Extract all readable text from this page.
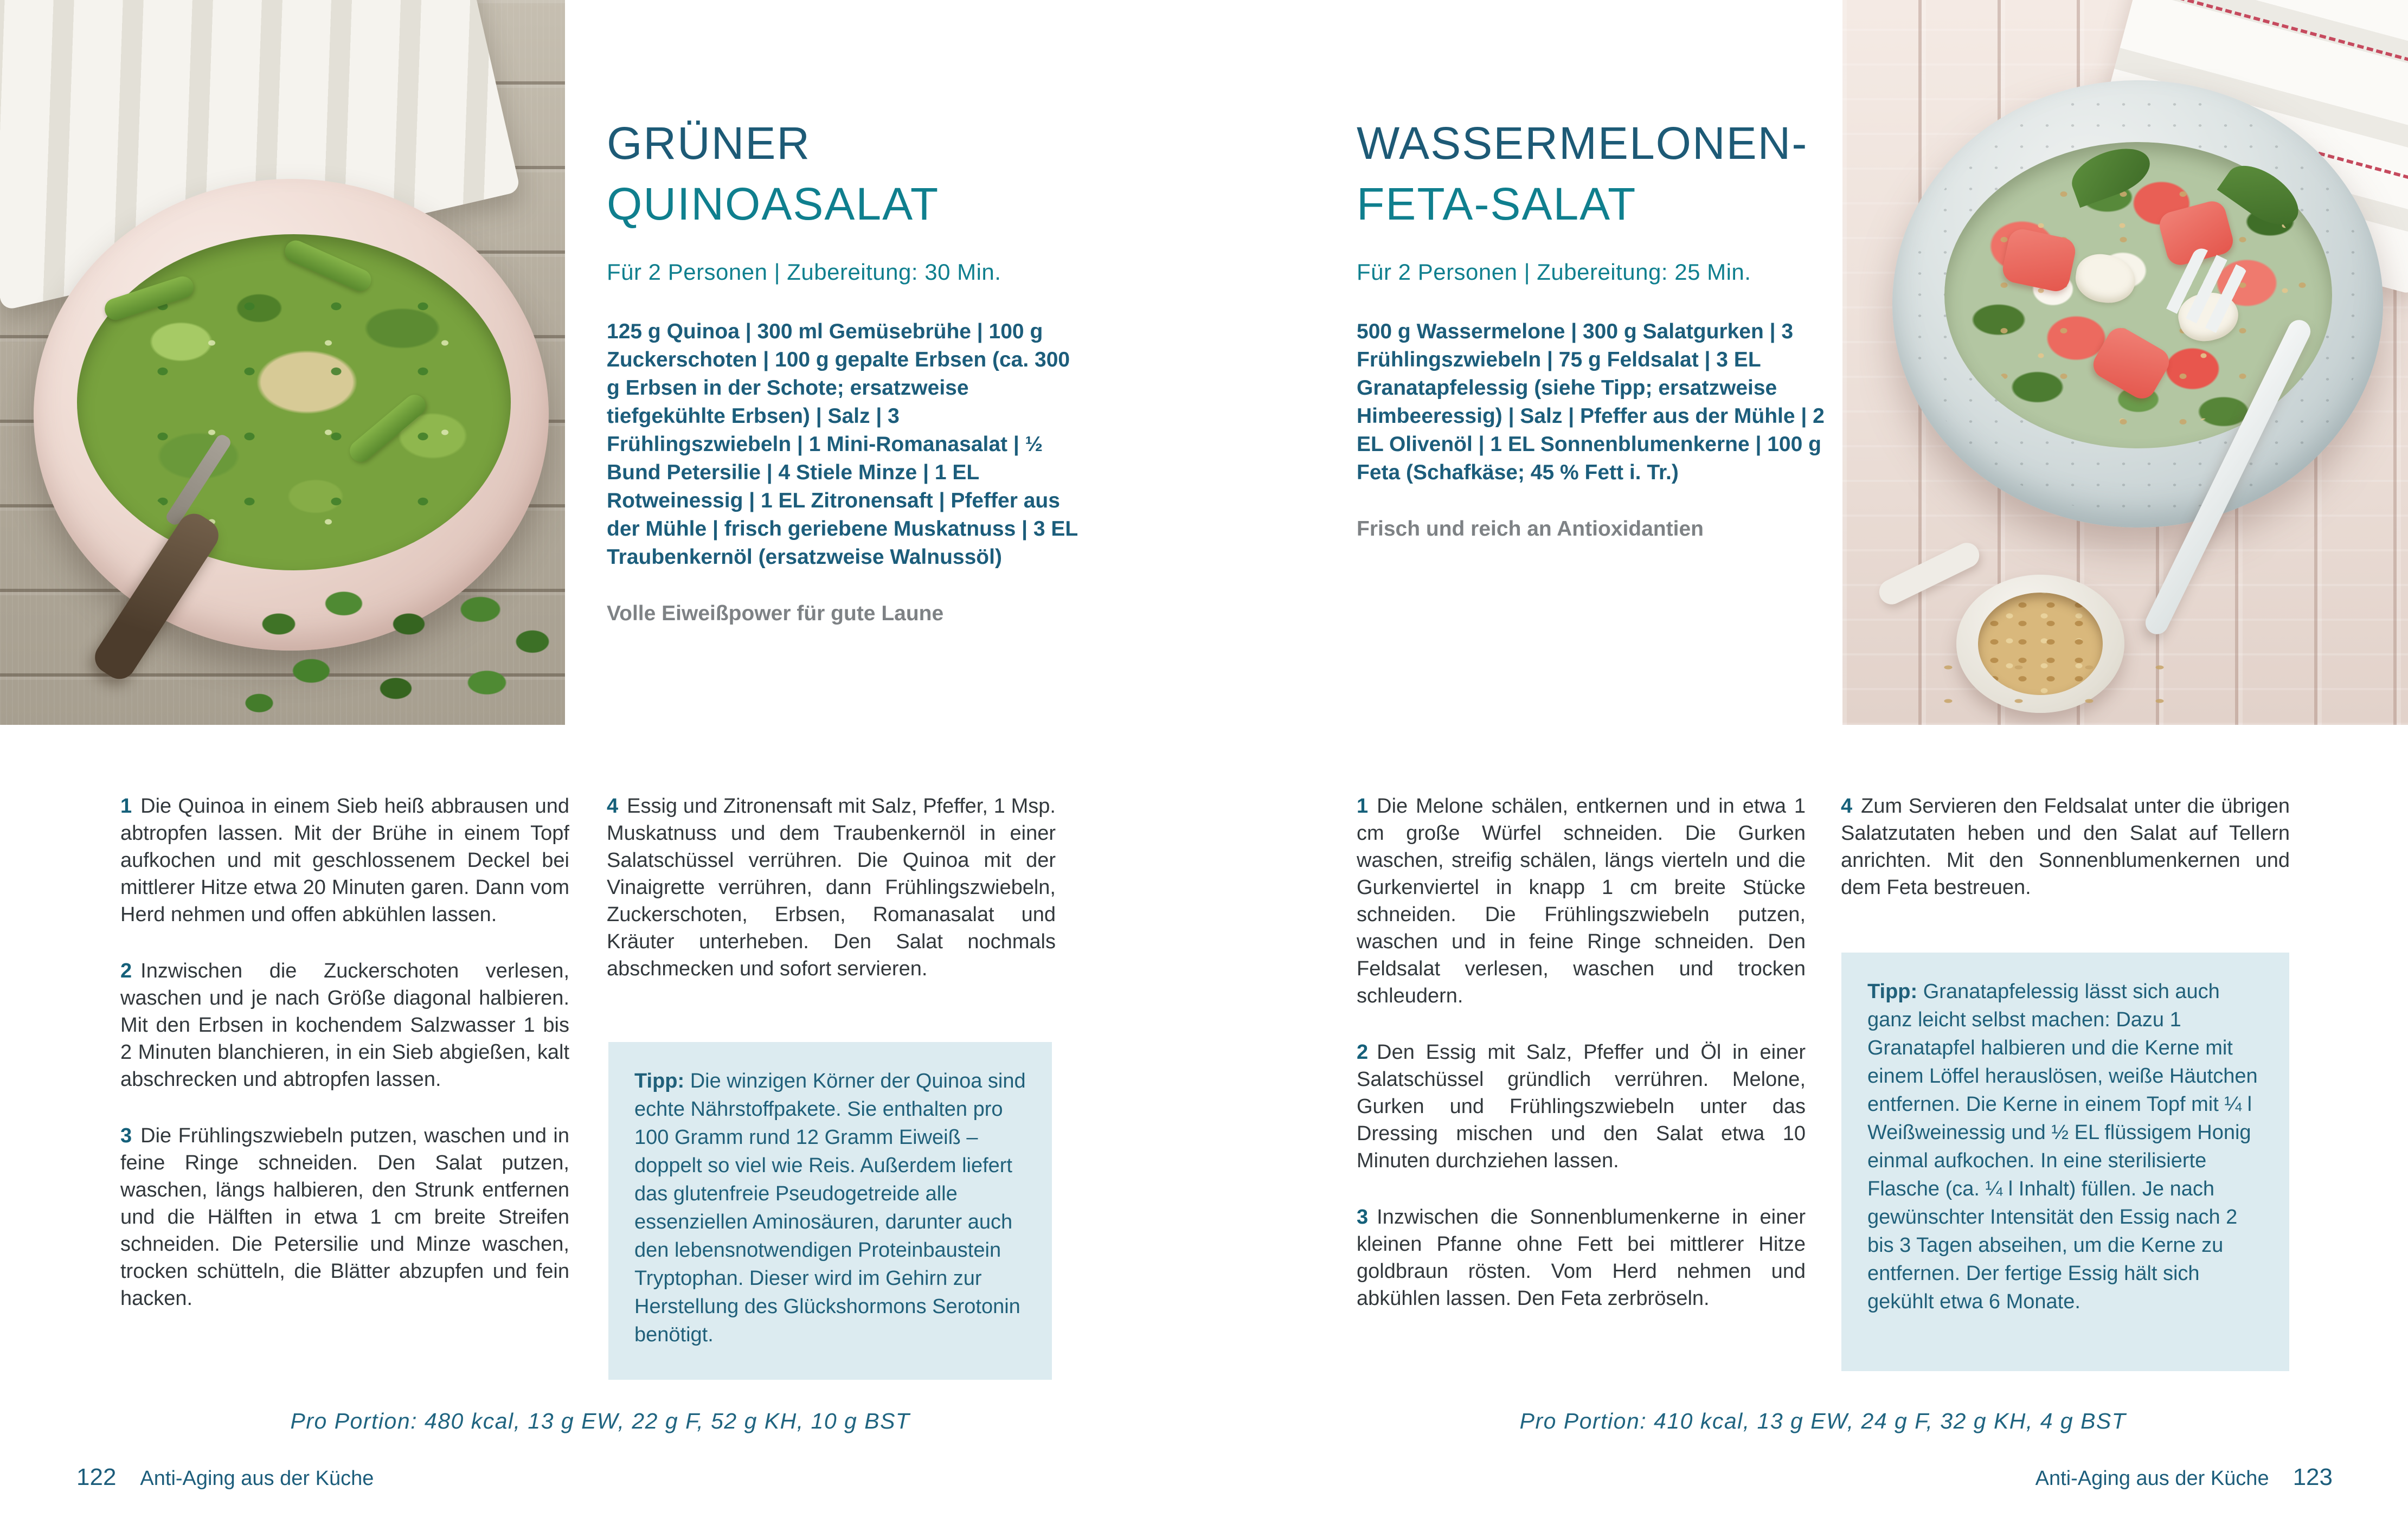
GRÜNER
QUINOASALAT
Für 2 Personen | Zubereitung: 30 Min.
125 g Quinoa | 300 ml Gemüsebrühe | 100 g Zuckerschoten | 100 g gepalte Erbsen (ca. 300 g Erbsen in der Schote; ersatzweise tiefgekühlte Erbsen) | Salz | 3 Frühlingszwiebeln | 1 Mini-Romanasalat | ½ Bund Petersilie | 4 Stiele Minze | 1 EL Rotweinessig | 1 EL Zitronensaft | Pfeffer aus der Mühle | frisch geriebene Muskatnuss | 3 EL Traubenkernöl (ersatzweise Walnussöl)
Volle Eiweißpower für gute Laune

1 Die Quinoa in einem Sieb heiß abbrausen und abtropfen lassen. Mit der Brühe in einem Topf aufkochen und mit geschlossenem Deckel bei mittlerer Hitze etwa 20 Minuten garen. Dann vom Herd nehmen und offen abkühlen lassen.

2 Inzwischen die Zuckerschoten verlesen, waschen und je nach Größe diagonal halbieren. Mit den Erbsen in kochendem Salzwasser 1 bis 2 Minuten blanchieren, in ein Sieb abgießen, kalt abschrecken und abtropfen lassen.

3 Die Frühlingszwiebeln putzen, waschen und in feine Ringe schneiden. Den Salat putzen, waschen, längs halbieren, den Strunk entfernen und die Hälften in etwa 1 cm breite Streifen schneiden. Die Petersilie und Minze waschen, trocken schütteln, die Blätter abzupfen und fein hacken.

4 Essig und Zitronensaft mit Salz, Pfeffer, 1 Msp. Muskatnuss und dem Traubenkernöl in einer Salatschüssel verrühren. Die Quinoa mit der Vinaigrette verrühren, dann Frühlingszwiebeln, Zuckerschoten, Erbsen, Romanasalat und Kräuter unterheben. Den Salat nochmals abschmecken und sofort servieren.

Tipp: Die winzigen Körner der Quinoa sind echte Nährstoffpakete. Sie enthalten pro 100 Gramm rund 12 Gramm Eiweiß – doppelt so viel wie Reis. Außerdem liefert das glutenfreie Pseudogetreide alle essenziellen Aminosäuren, darunter auch den lebensnotwendigen Proteinbaustein Tryptophan. Dieser wird im Gehirn zur Herstellung des Glückshormons Serotonin benötigt.
Pro Portion: 480 kcal, 13 g EW, 22 g F, 52 g KH, 10 g BST
122 Anti-Aging aus der Küche
WASSERMELONEN-
FETA-SALAT
Für 2 Personen | Zubereitung: 25 Min.
500 g Wassermelone | 300 g Salatgurken | 3 Frühlingszwiebeln | 75 g Feldsalat | 3 EL Granatapfelessig (siehe Tipp; ersatzweise Himbeeressig) | Salz | Pfeffer aus der Mühle | 2 EL Olivenöl | 1 EL Sonnenblumenkerne | 100 g Feta (Schafkäse; 45 % Fett i. Tr.)
Frisch und reich an Antioxidantien

1 Die Melone schälen, entkernen und in etwa 1 cm große Würfel schneiden. Die Gurken waschen, streifig schälen, längs vierteln und die Gurkenviertel in knapp 1 cm breite Stücke schneiden. Die Frühlingszwiebeln putzen, waschen und in feine Ringe schneiden. Den Feldsalat verlesen, waschen und trocken schleudern.

2 Den Essig mit Salz, Pfeffer und Öl in einer Salatschüssel gründlich verrühren. Melone, Gurken und Frühlingszwiebeln unter das Dressing mischen und den Salat etwa 10 Minuten durchziehen lassen.

3 Inzwischen die Sonnenblumenkerne in einer kleinen Pfanne ohne Fett bei mittlerer Hitze goldbraun rösten. Vom Herd nehmen und abkühlen lassen. Den Feta zerbröseln.

4 Zum Servieren den Feldsalat unter die übrigen Salatzutaten heben und den Salat auf Tellern anrichten. Mit den Sonnenblumenkernen und dem Feta bestreuen.

Tipp: Granatapfelessig lässt sich auch ganz leicht selbst machen: Dazu 1 Granatapfel halbieren und die Kerne mit einem Löffel herauslösen, weiße Häutchen entfernen. Die Kerne in einem Topf mit ¼ l Weißweinessig und ½ EL flüssigem Honig einmal aufkochen. In eine sterilisierte Flasche (ca. ¼ l Inhalt) füllen. Je nach gewünschter Intensität den Essig nach 2 bis 3 Tagen abseihen, um die Kerne zu entfernen. Der fertige Essig hält sich gekühlt etwa 6 Monate.
Pro Portion: 410 kcal, 13 g EW, 24 g F, 32 g KH, 4 g BST
Anti-Aging aus der Küche 123
